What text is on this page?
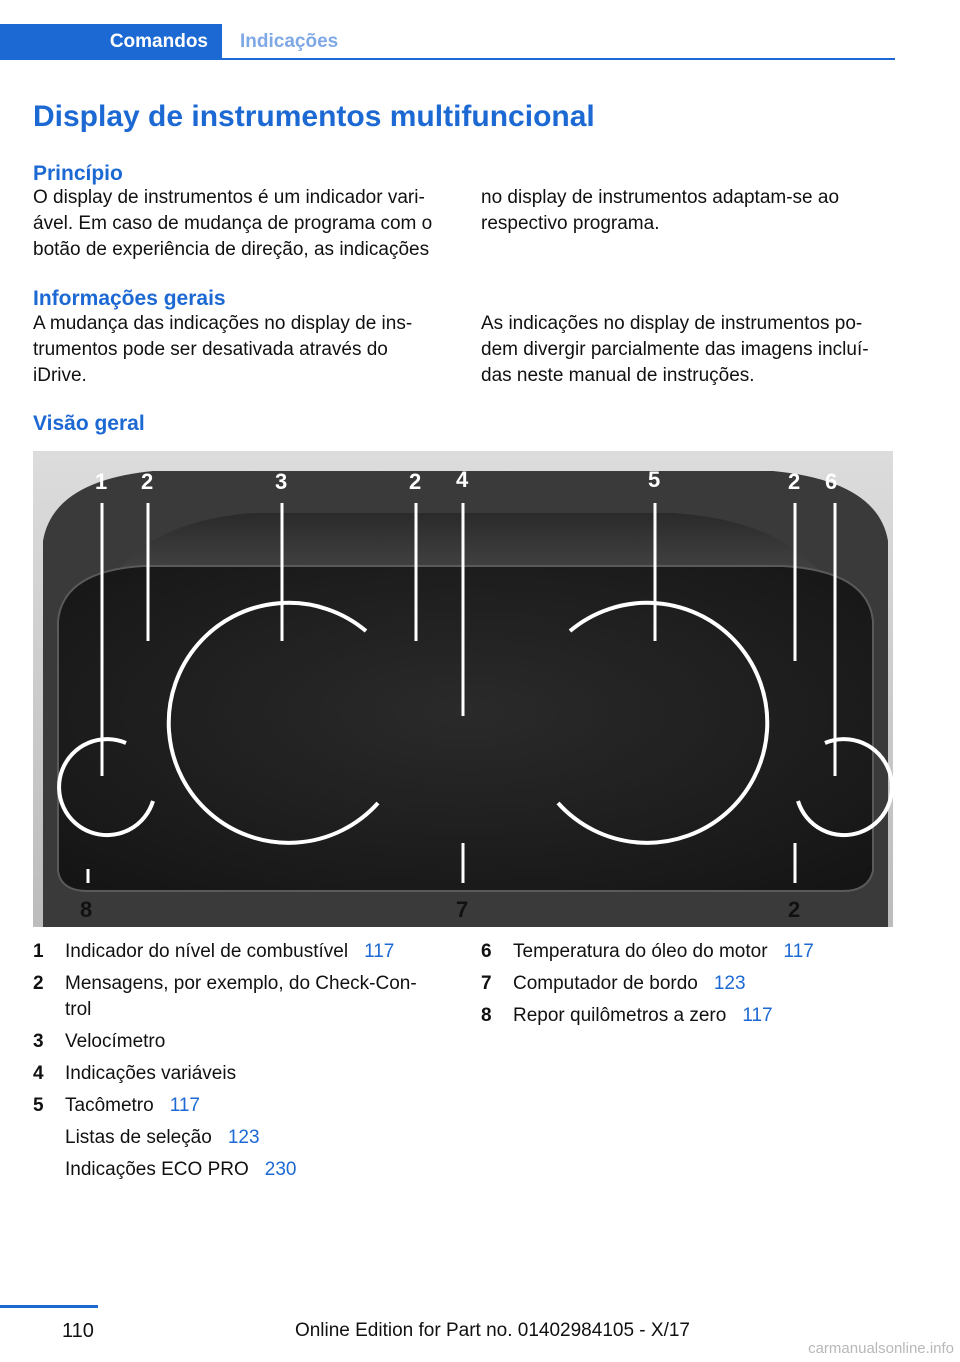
Comandos	Indicações
Display de instrumentos multifuncional
Princípio
O display de instrumentos é um indicador vari-
ável. Em caso de mudança de programa com o
botão de experiência de direção, as indicações
no display de instrumentos adaptam-se ao
respectivo programa.
Informações gerais
A mudança das indicações no display de ins-
trumentos pode ser desativada através do
iDrive.
As indicações no display de instrumentos po-
dem divergir parcialmente das imagens incluí-
das neste manual de instruções.
Visão geral
1 2	3	2 4	5	2 6
8	7	2
1 Indicador do nível de combustível 117
2 Mensagens, por exemplo, do Check-Con-
trol
3 Velocímetro
4 Indicações variáveis
5 Tacômetro 117
Listas de seleção 123
Indicações ECO PRO 230
6 Temperatura do óleo do motor 117
7 Computador de bordo 123
8 Repor quilômetros a zero 117
110	Online Edition for Part no. 01402984105 - X/17
carmanualsonline.info
